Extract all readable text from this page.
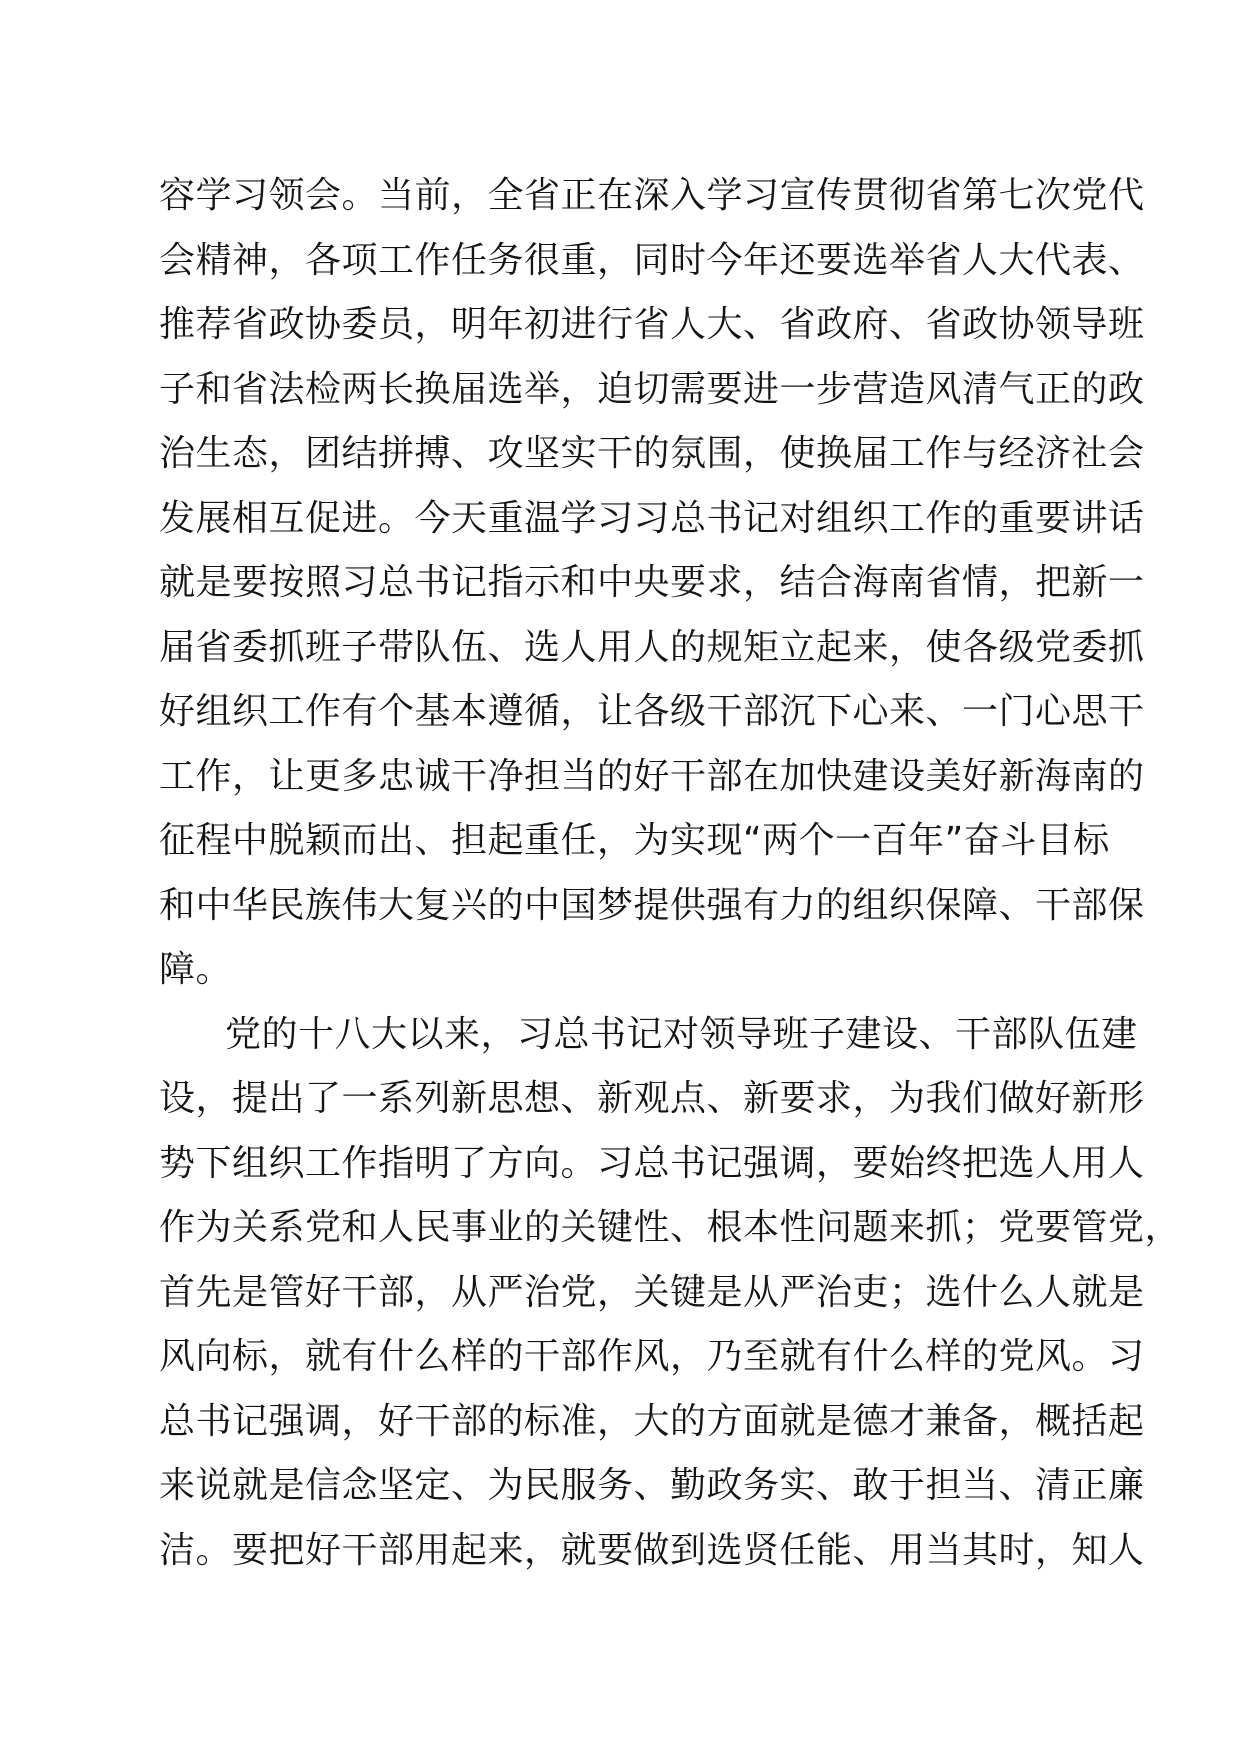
容学习领会。当前，全省正在深入学习宣传贯彻省第七次党代
会精神，各项工作任务很重，同时今年还要选举省人大代表、
推荐省政协委员，明年初进行省人大、省政府、省政协领导班
子和省法检两长换届选举，迫切需要进一步营造风清气正的政
治生态，团结拼搏、攻坚实干的氛围，使换届工作与经济社会
发展相互促进。今天重温学习习总书记对组织工作的重要讲话
就是要按照习总书记指示和中央要求，结合海南省情，把新一
届省委抓班子带队伍、选人用人的规矩立起来，使各级党委抓
好组织工作有个基本遵循，让各级干部沉下心来、一门心思干
工作，让更多忠诚干净担当的好干部在加快建设美好新海南的
征程中脱颖而出、担起重任，为实现“两个一百年”奋斗目标
和中华民族伟大复兴的中国梦提供强有力的组织保障、干部保
障。
党的十八大以来，习总书记对领导班子建设、干部队伍建
设，提出了一系列新思想、新观点、新要求，为我们做好新形
势下组织工作指明了方向。习总书记强调，要始终把选人用人
作为关系党和人民事业的关键性、根本性问题来抓；党要管党，
首先是管好干部，从严治党，关键是从严治吏；选什么人就是
风向标，就有什么样的干部作风，乃至就有什么样的党风。习
总书记强调，好干部的标准，大的方面就是德才兼备，概括起
来说就是信念坚定、为民服务、勤政务实、敢于担当、清正廉
洁。要把好干部用起来，就要做到选贤任能、用当其时，知人
